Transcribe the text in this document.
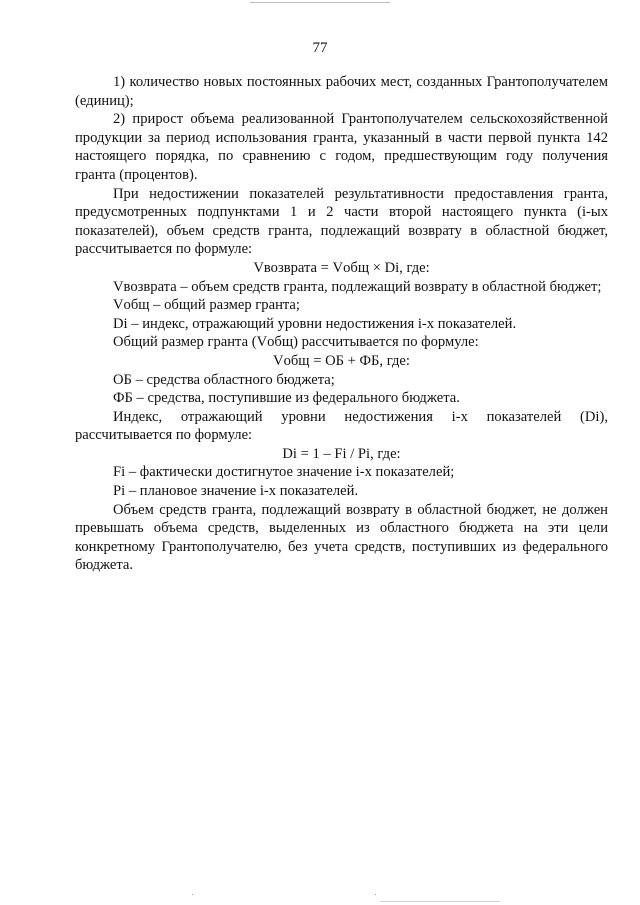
77

1) количество новых постоянных рабочих мест, созданных Грантополучателем (единиц);

2) прирост объема реализованной Грантополучателем сельскохозяйственной продукции за период использования гранта, указанный в части первой пункта 142 настоящего порядка, по сравнению с годом, предшествующим году получения гранта (процентов).

При недостижении показателей результативности предоставления гранта, предусмотренных подпунктами 1 и 2 части второй настоящего пункта (i-ых показателей), объем средств гранта, подлежащий возврату в областной бюджет, рассчитывается по формуле:

Vвозврата = Vобщ × Di, где:

Vвозврата – объем средств гранта, подлежащий возврату в областной бюджет;

Vобщ – общий размер гранта;

Di – индекс, отражающий уровни недостижения i-х показателей.

Общий размер гранта (Vобщ) рассчитывается по формуле:

Vобщ = ОБ + ФБ, где:

ОБ – средства областного бюджета;

ФБ – средства, поступившие из федерального бюджета.

Индекс, отражающий уровни недостижения i-х показателей (Di), рассчитывается по формуле:

Di = 1 – Fi / Pi, где:

Fi – фактически достигнутое значение i-х показателей;

Pi – плановое значение i-х показателей.

Объем средств гранта, подлежащий возврату в областной бюджет, не должен превышать объема средств, выделенных из областного бюджета на эти цели конкретному Грантополучателю, без учета средств, поступивших из федерального бюджета.
